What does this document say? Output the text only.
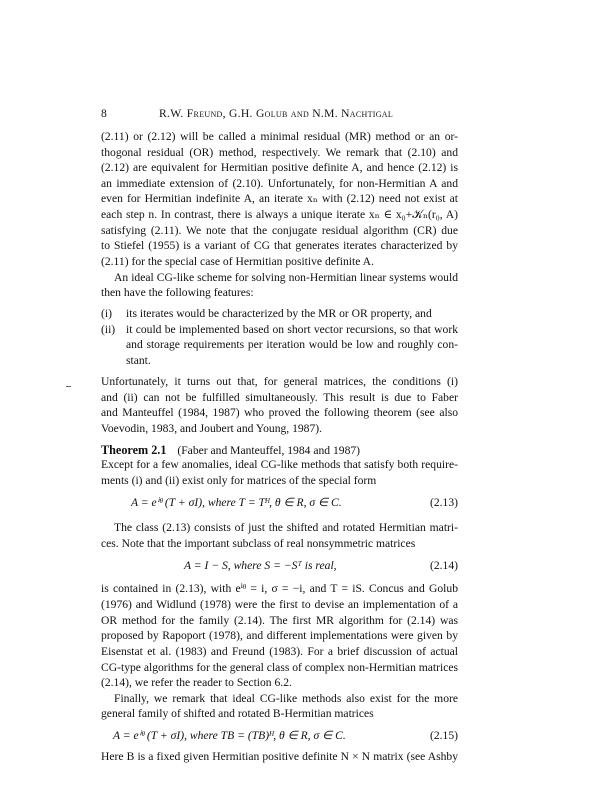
8	R.W. Freund, G.H. Golub and N.M. Nachtigal
(2.11) or (2.12) will be called a minimal residual (MR) method or an or-
thogonal residual (OR) method, respectively. We remark that (2.10) and
(2.12) are equivalent for Hermitian positive definite A, and hence (2.12) is
an immediate extension of (2.10). Unfortunately, for non-Hermitian A and
even for Hermitian indefinite A, an iterate xₙ with (2.12) need not exist at
each step n. In contrast, there is always a unique iterate xₙ ∈ x₀+𝒦ₙ(r₀, A)
satisfying (2.11). We note that the conjugate residual algorithm (CR) due
to Stiefel (1955) is a variant of CG that generates iterates characterized by
(2.11) for the special case of Hermitian positive definite A.
An ideal CG-like scheme for solving non-Hermitian linear systems would
then have the following features:
(i)	its iterates would be characterized by the MR or OR property, and
(ii) it could be implemented based on short vector recursions, so that work
and storage requirements per iteration would be low and roughly con-
stant.
Unfortunately, it turns out that, for general matrices, the conditions (i)
and (ii) can not be fulfilled simultaneously. This result is due to Faber
and Manteuffel (1984, 1987) who proved the following theorem (see also
Voevodin, 1983, and Joubert and Young, 1987).
Theorem 2.1 (Faber and Manteuffel, 1984 and 1987)
Except for a few anomalies, ideal CG-like methods that satisfy both require-
ments (i) and (ii) exist only for matrices of the special form
A = eⁱᶿ (T + σI), where T = Tᴴ, θ ∈ R, σ ∈ C.	(2.13)
The class (2.13) consists of just the shifted and rotated Hermitian matri-
ces. Note that the important subclass of real nonsymmetric matrices
A = I − S, where S = −Sᵀ is real,	(2.14)
is contained in (2.13), with eⁱᶿ = i, σ = −i, and T = iS. Concus and Golub
(1976) and Widlund (1978) were the first to devise an implementation of a
OR method for the family (2.14). The first MR algorithm for (2.14) was
proposed by Rapoport (1978), and different implementations were given by
Eisenstat et al. (1983) and Freund (1983). For a brief discussion of actual
CG-type algorithms for the general class of complex non-Hermitian matrices
(2.14), we refer the reader to Section 6.2.
Finally, we remark that ideal CG-like methods also exist for the more
general family of shifted and rotated B-Hermitian matrices
A = eⁱᶿ (T + σI), where TB = (TB)ᴴ, θ ∈ R, σ ∈ C.	(2.15)
Here B is a fixed given Hermitian positive definite N × N matrix (see Ashby
